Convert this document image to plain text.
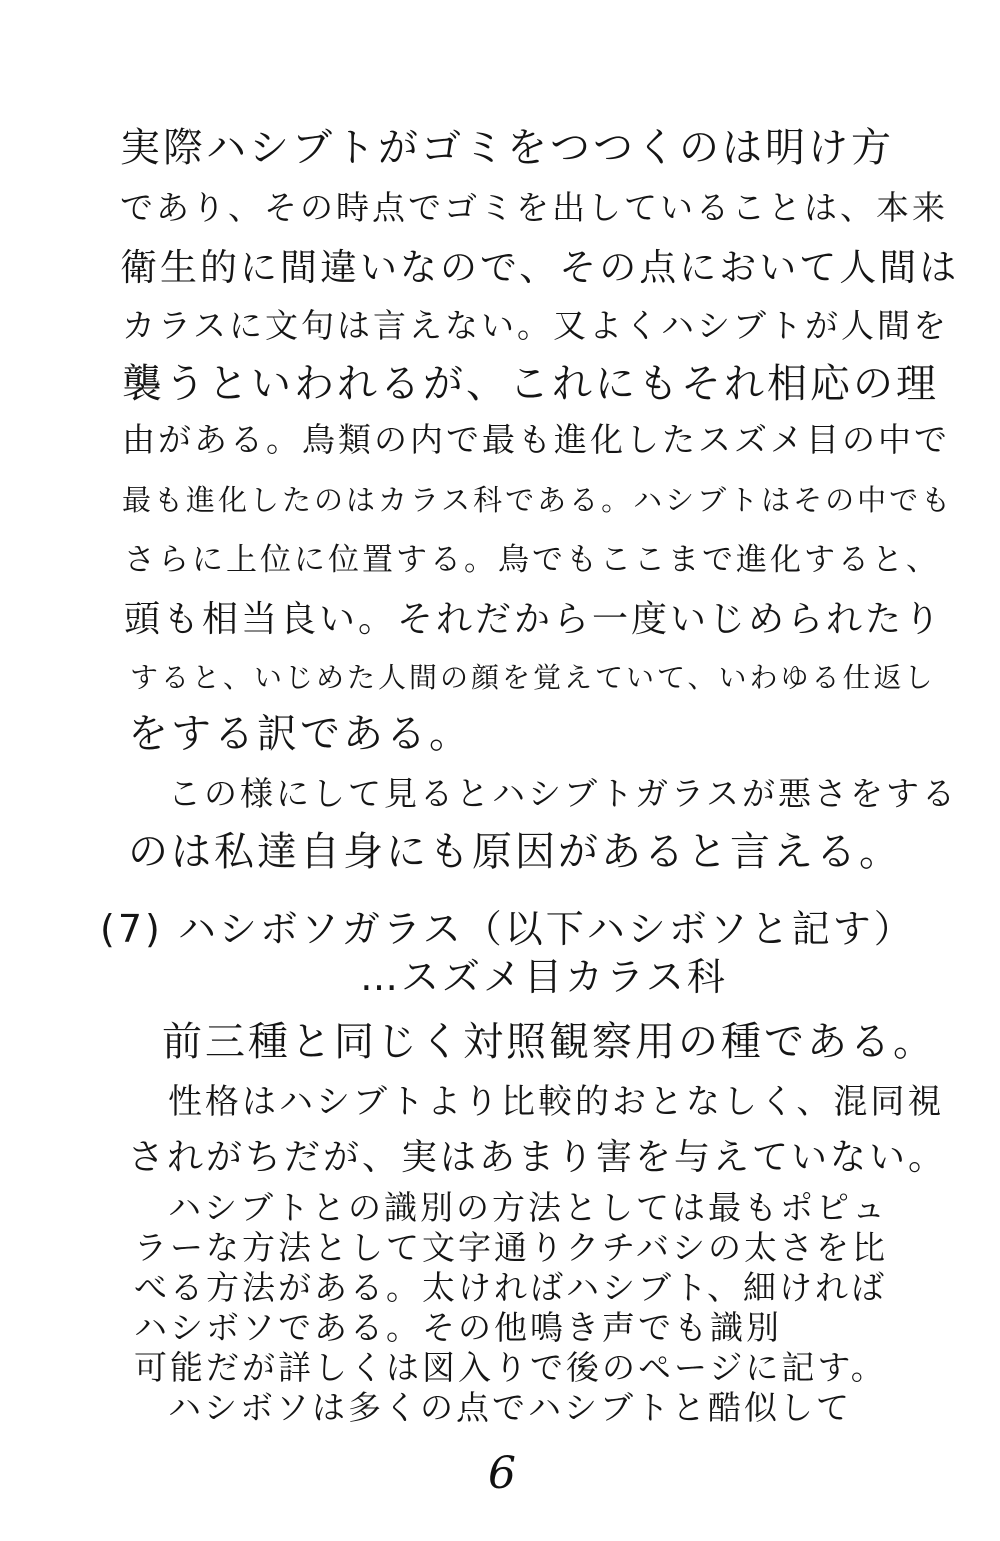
実際ハシブトがゴミをつつくのは明け方
であり、その時点でゴミを出していることは、本来
衛生的に間違いなので、その点において人間は
カラスに文句は言えない。又よくハシブトが人間を
襲うといわれるが、これにもそれ相応の理
由がある。鳥類の内で最も進化したスズメ目の中で
最も進化したのはカラス科である。ハシブトはその中でも
さらに上位に位置する。鳥でもここまで進化すると、
頭も相当良い。それだから一度いじめられたり
すると、いじめた人間の顔を覚えていて、いわゆる仕返し
をする訳である。
この様にして見るとハシブトガラスが悪さをする
のは私達自身にも原因があると言える。
(7) ハシボソガラス（以下ハシボソと記す）
…スズメ目カラス科
前三種と同じく対照観察用の種である。
性格はハシブトより比較的おとなしく、混同視
されがちだが、実はあまり害を与えていない。
ハシブトとの識別の方法としては最もポピュ
ラーな方法として文字通りクチバシの太さを比
べる方法がある。太ければハシブト、細ければ
ハシボソである。その他鳴き声でも識別
可能だが詳しくは図入りで後のページに記す。
ハシボソは多くの点でハシブトと酷似して
6
